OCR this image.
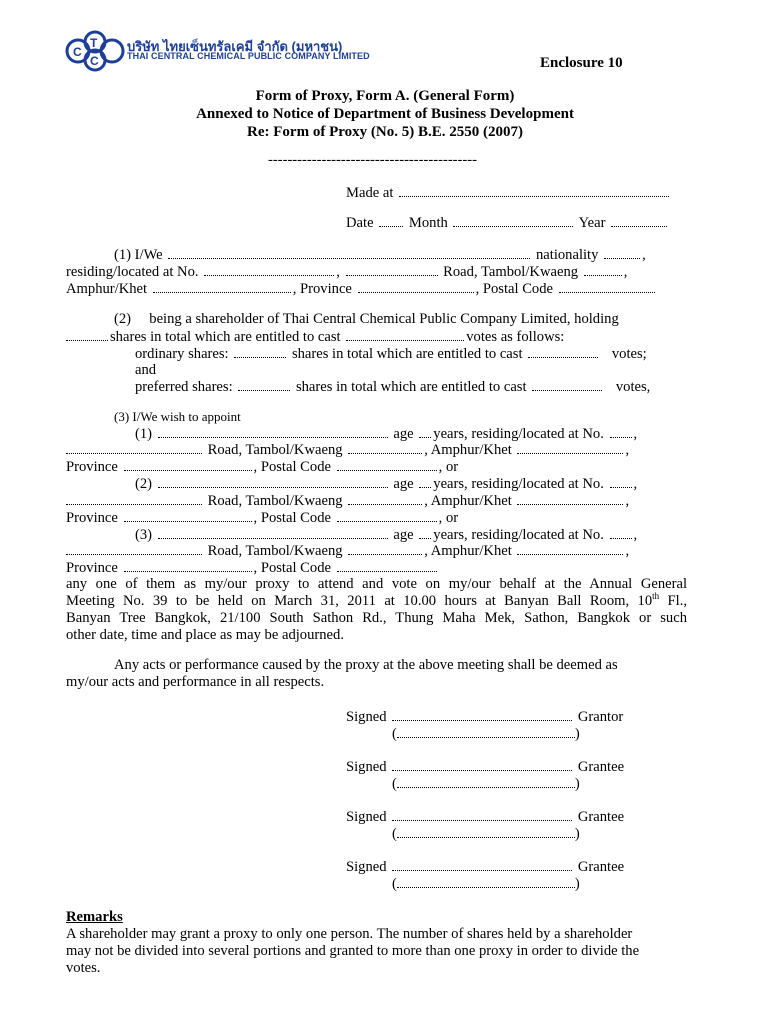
T
C
C
บริษัท ไทยเซ็นทรัลเคมี จำกัด (มหาชน)
THAI CENTRAL CHEMICAL PUBLIC COMPANY LIMITED	Enclosure 10
Form of Proxy, Form A. (General Form)
Annexed to Notice of Department of Business Development
Re: Form of Proxy (No. 5) B.E. 2550 (2007)
-------------------------------------------
Made at
Date Month	Year
(1) I/We	nationality	,
residing/located at No.	,	Road, Tambol/Kwaeng	,
Amphur/Khet	, Province	, Postal Code
(2) being a shareholder of Thai Central Chemical Public Company Limited, holding
shares in total which are entitled to cast	votes as follows:
ordinary shares:	shares in total which are entitled to cast	votes;
and
preferred shares:	shares in total which are entitled to cast	votes,
(3) I/We wish to appoint
(1)	age years, residing/located at No. ,
Road, Tambol/Kwaeng	, Amphur/Khet	,
Province	, Postal Code	, or
(2)	age years, residing/located at No. ,
Road, Tambol/Kwaeng	, Amphur/Khet	,
Province	, Postal Code	, or
(3)	age years, residing/located at No. ,
Road, Tambol/Kwaeng	, Amphur/Khet	,
Province	, Postal Code
any one of them as my/our proxy to attend and vote on my/our behalf at the Annual General
Meeting No. 39 to be held on March 31, 2011 at 10.00 hours at Banyan Ball Room, 10th Fl.,
Banyan Tree Bangkok, 21/100 South Sathon Rd., Thung Maha Mek, Sathon, Bangkok or such
other date, time and place as may be adjourned.
Any acts or performance caused by the proxy at the above meeting shall be deemed as
my/our acts and performance in all respects.
Signed	Grantor
(	)
Signed	Grantee
(	)
Signed	Grantee
(	)
Signed	Grantee
(	)
Remarks
A shareholder may grant a proxy to only one person. The number of shares held by a shareholder
may not be divided into several portions and granted to more than one proxy in order to divide the
votes.
